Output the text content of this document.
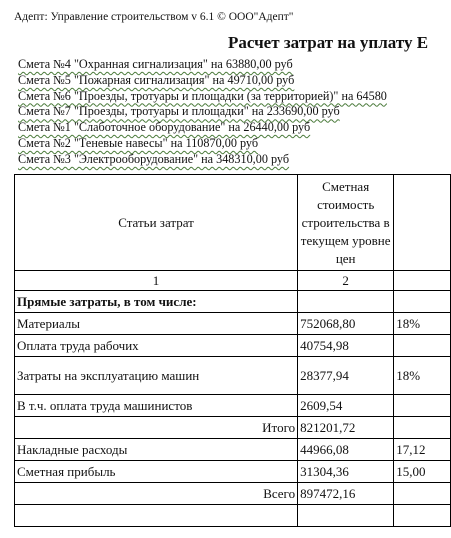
Адепт: Управление строительством v 6.1 © ООО"Адепт"
Расчет затрат на уплату Е
Смета №4 "Охранная сигнализация" на 63880,00 руб
Смета №5 "Пожарная сигнализация" на 49710,00 руб
Смета №6 "Проезды, тротуары и площадки (за территорией)" на 64580
Смета №7 "Проезды, тротуары и площадки" на 233690,00 руб
Смета №1 "Слаботочное оборудование" на 26440,00 руб
Смета №2 "Теневые навесы" на 110870,00 руб
Смета №3 "Электрооборудование" на 348310,00 руб
Статьи затрат	Сметная стоимость строительства в текущем уровне цен	
1	2	
Прямые затраты, в том числе:		
Материалы	752068,80	18%
Оплата труда рабочих	40754,98	
Затраты на эксплуатацию машин	28377,94	18%
В т.ч. оплата труда машинистов	2609,54	
Итого	821201,72	
Накладные расходы	44966,08	17,12
Сметная прибыль	31304,36	15,00
Всего	897472,16	
